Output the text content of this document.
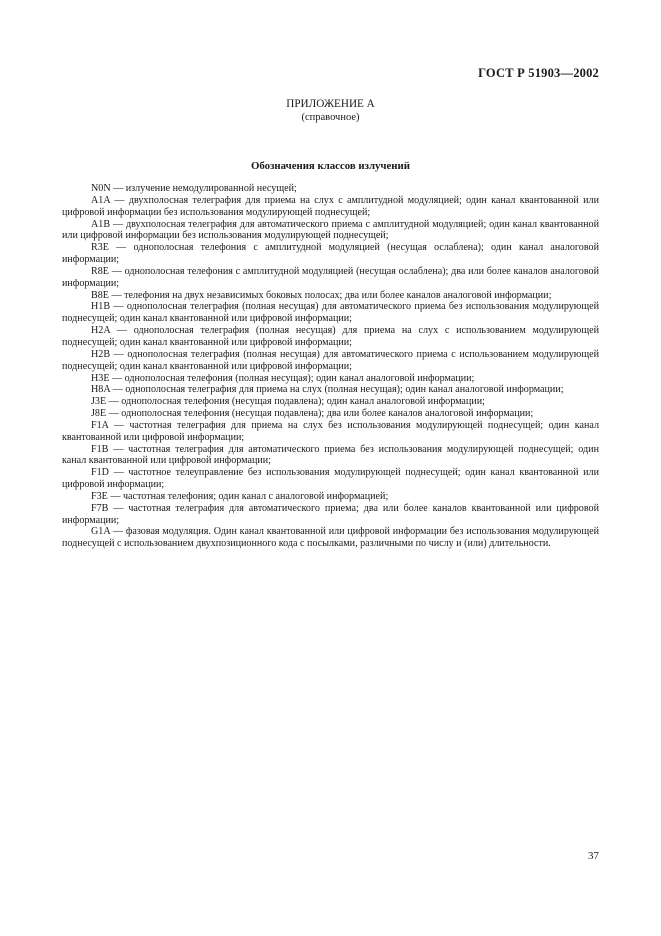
ГОСТ Р 51903—2002
ПРИЛОЖЕНИЕ А
(справочное)
Обозначения классов излучений

N0N — излучение немодулированной несущей;

A1A — двухполосная телеграфия для приема на слух с амплитудной модуляцией; один канал квантованной или цифровой информации без использования модулирующей поднесущей;

A1B — двухполосная телеграфия для автоматического приема с амплитудной модуляцией; один канал квантованной или цифровой информации без использования модулирующей поднесущей;

R3E — однополосная телефония с амплитудной модуляцией (несущая ослаблена); один канал аналоговой информации;

R8E — однополосная телефония с амплитудной модуляцией (несущая ослаблена); два или более каналов аналоговой информации;

B8E — телефония на двух независимых боковых полосах; два или более каналов аналоговой информации;

H1B — однополосная телеграфия (полная несущая) для автоматического приема без использования модулирующей поднесущей; один канал квантованной или цифровой информации;

H2A — однополосная телеграфия (полная несущая) для приема на слух с использованием модулирующей поднесущей; один канал квантованной или цифровой информации;

H2B — однополосная телеграфия (полная несущая) для автоматического приема с использованием модулирующей поднесущей; один канал квантованной или цифровой информации;

H3E — однополосная телефония (полная несущая); один канал аналоговой информации;

H8A — однополосная телеграфия для приема на слух (полная несущая); один канал аналоговой информации;

J3E — однополосная телефония (несущая подавлена); один канал аналоговой информации;

J8E — однополосная телефония (несущая подавлена); два или более каналов аналоговой информации;

F1A — частотная телеграфия для приема на слух без использования модулирующей поднесущей; один канал квантованной или цифровой информации;

F1B — частотная телеграфия для автоматического приема без использования модулирующей поднесущей; один канал квантованной или цифровой информации;

F1D — частотное телеуправление без использования модулирующей поднесущей; один канал квантованной или цифровой информации;

F3E — частотная телефония; один канал с аналоговой информацией;

F7B — частотная телеграфия для автоматического приема; два или более каналов квантованной или цифровой информации;

G1A — фазовая модуляция. Один канал квантованной или цифровой информации без использования модулирующей поднесущей с использованием двухпозиционного кода с посылками, различными по числу и (или) длительности.

37
